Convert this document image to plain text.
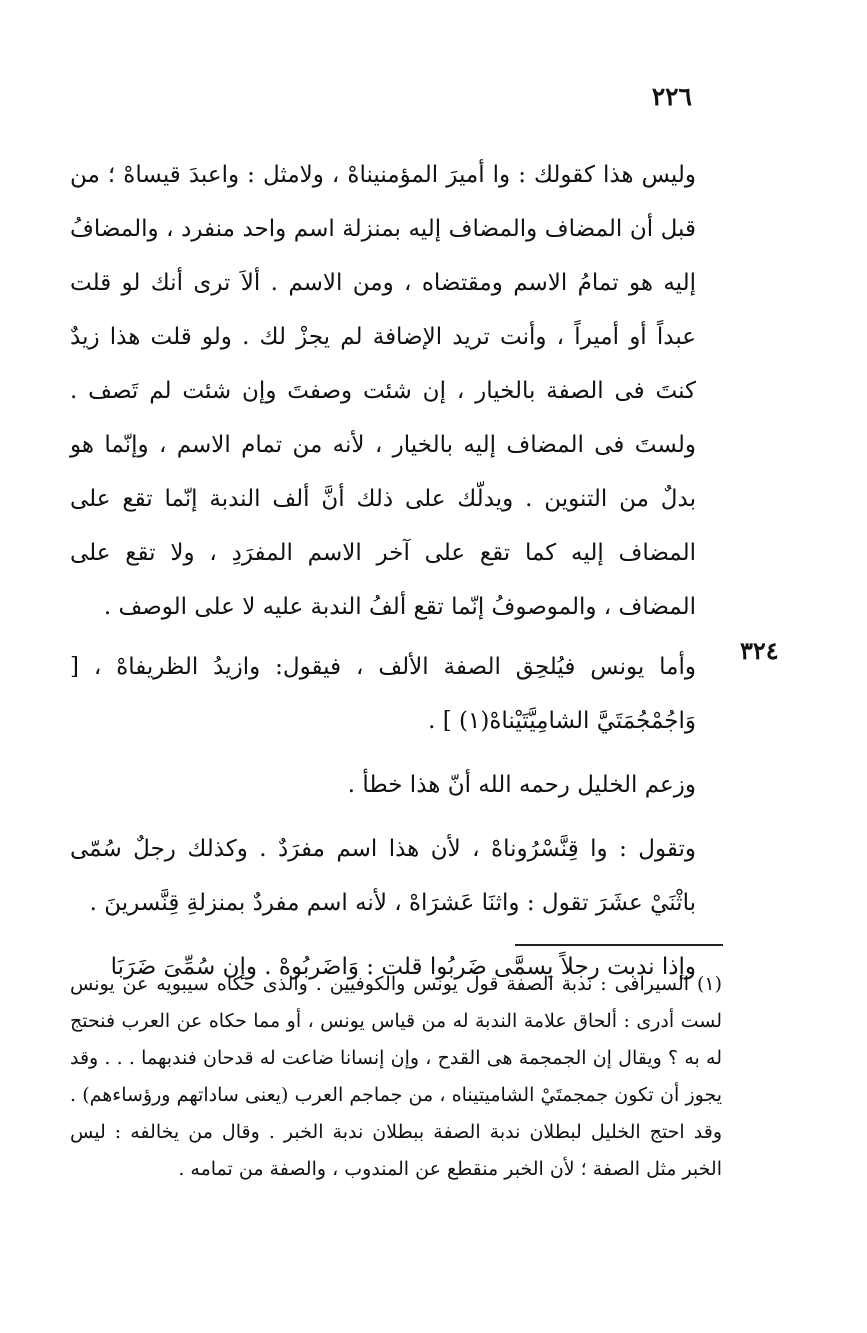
٢٢٦

وليس هذا كقولك : وا أميرَ المؤمنيناهْ ، ولامثل : واعبدَ قيساهْ ؛ من قبل أن المضاف والمضاف إليه بمنزلة اسم واحد منفرد ، والمضافُ إليه هو تمامُ الاسم ومقتضاه ، ومن الاسم . ألاَ ترى أنك لو قلت عبداً أو أميراً ، وأنت تريد الإضافة لم يجزْ لك . ولو قلت هذا زيدٌ كنتَ فى الصفة بالخيار ، إن شئت وصفتَ وإن شئت لم تَصف . ولستَ فى المضاف إليه بالخيار ، لأنه من تمام الاسم ، وإنّما هو بدلٌ من التنوين . ويدلّك على ذلك أنَّ ألف الندبة إنّما تقع على المضاف إليه كما تقع على آخر الاسم المفرَدِ ، ولا تقع على المضاف ، والموصوفُ إنّما تقع ألفُ الندبة عليه لا على الوصف .

وأما يونس فيُلحِق الصفة الألف ، فيقول: وازيدُ الظريفاهْ ، [ وَاجُمْجُمَتَيَّ الشامِيَّتَيْناهْ(١) ] .

وزعم الخليل رحمه الله أنّ هذا خطأ .

وتقول : وا قِنَّسْرُوناهْ ، لأن هذا اسم مفرَدٌ . وكذلك رجلٌ سُمّى باثْنَيْ عشَرَ تقول : واثنَا عَشرَاهْ ، لأنه اسم مفردٌ بمنزلةِ قِنَّسرينَ .

وإذا ندبت رجلاً يسمَّى ضَربُوا قلت : وَاضَربُوهْ . وإن سُمِّىَ ضَرَبَا

٣٢٤

(١) السيرافى : ندبة الصفة قول يونس والكوفيين . والذى حكاه سيبويه عن يونس لست أدرى : ألحاق علامة الندبة له من قياس يونس ، أو مما حكاه عن العرب فنحتج له به ؟ ويقال إن الجمجمة هى القدح ، وإن إنسانا ضاعت له قدحان فندبهما . . . وقد يجوز أن تكون جمجمتَيْ الشاميتيناه ، من جماجم العرب (يعنى ساداتهم ورؤساءهم) . وقد احتج الخليل لبطلان ندبة الصفة ببطلان ندبة الخبر . وقال من يخالفه : ليس الخبر مثل الصفة ؛ لأن الخبر منقطع عن المندوب ، والصفة من تمامه .
